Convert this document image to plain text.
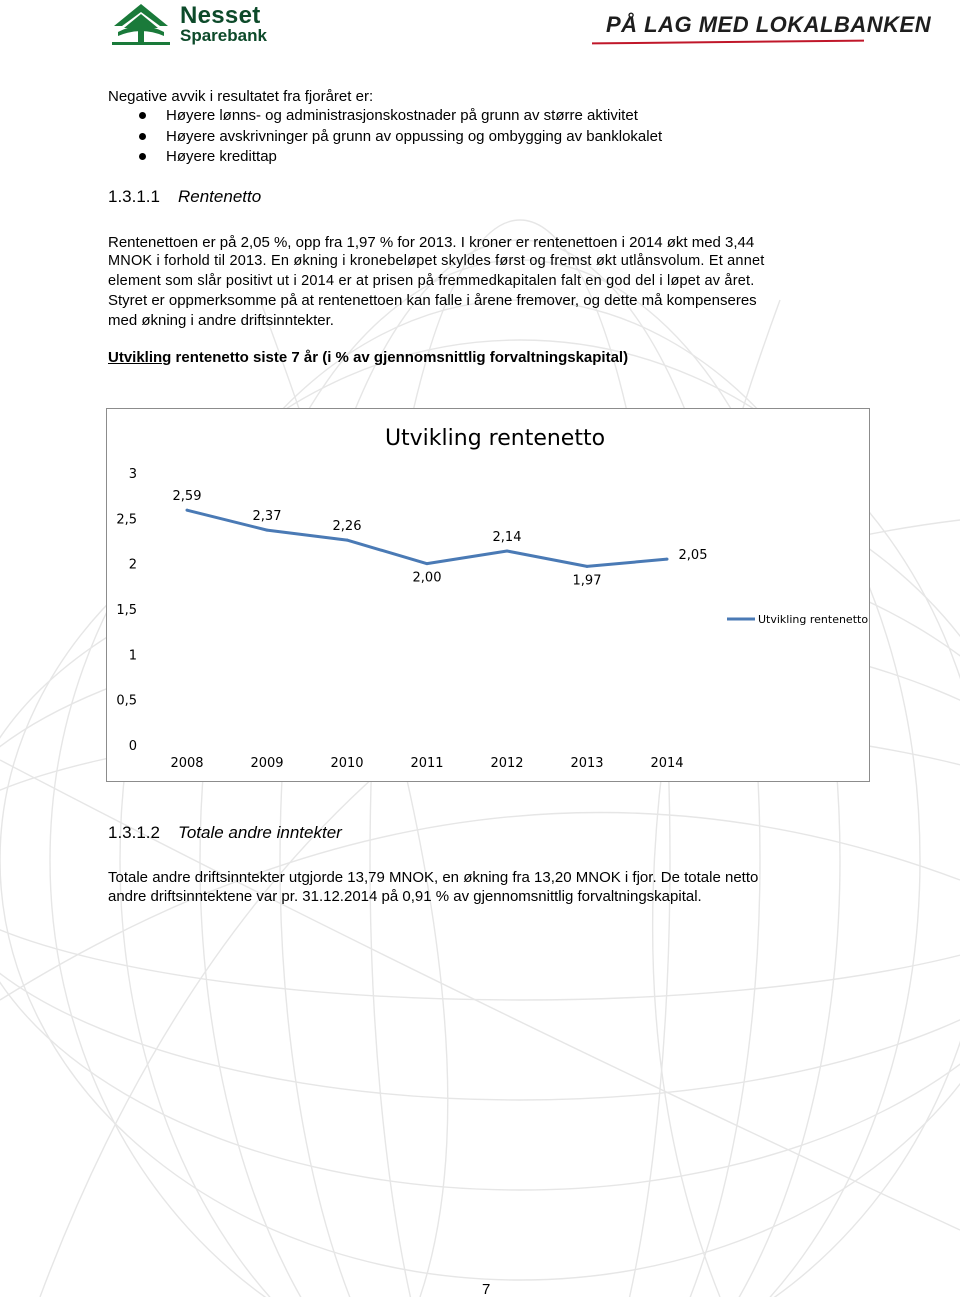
Nesset
Sparebank	PÅ LAG MED LOKALBANKEN
Negative avvik i resultatet fra fjoråret er:
Høyere lønns- og administrasjonskostnader på grunn av større aktivitet
Høyere avskrivninger på grunn av oppussing og ombygging av banklokalet
Høyere kredittap
1.3.1.1 Rentenetto
Rentenettoen er på 2,05 %, opp fra 1,97 % for 2013. I kroner er rentenettoen i 2014 økt med 3,44
MNOK i forhold til 2013. En økning i kronebeløpet skyldes først og fremst økt utlånsvolum. Et annet
element som slår positivt ut i 2014 er at prisen på fremmedkapitalen falt en god del i løpet av året.
Styret er oppmerksomme på at rentenettoen kan falle i årene fremover, og dette må kompenseres
med økning i andre driftsinntekter.
Utvikling rentenetto siste 7 år (i % av gjennomsnittlig forvaltningskapital)
Utvikling rentenetto
0
0,5
1
1,5
2
2,5
3
2008	2009	2010	2011	2012	2013	2014
2,59
2,37
2,26
2,00
2,14
1,97
2,05
Utvikling rentenetto
1.3.1.2 Totale andre inntekter
Totale andre driftsinntekter utgjorde 13,79 MNOK, en økning fra 13,20 MNOK i fjor. De totale netto
andre driftsinntektene var pr. 31.12.2014 på 0,91 % av gjennomsnittlig forvaltningskapital.
7
